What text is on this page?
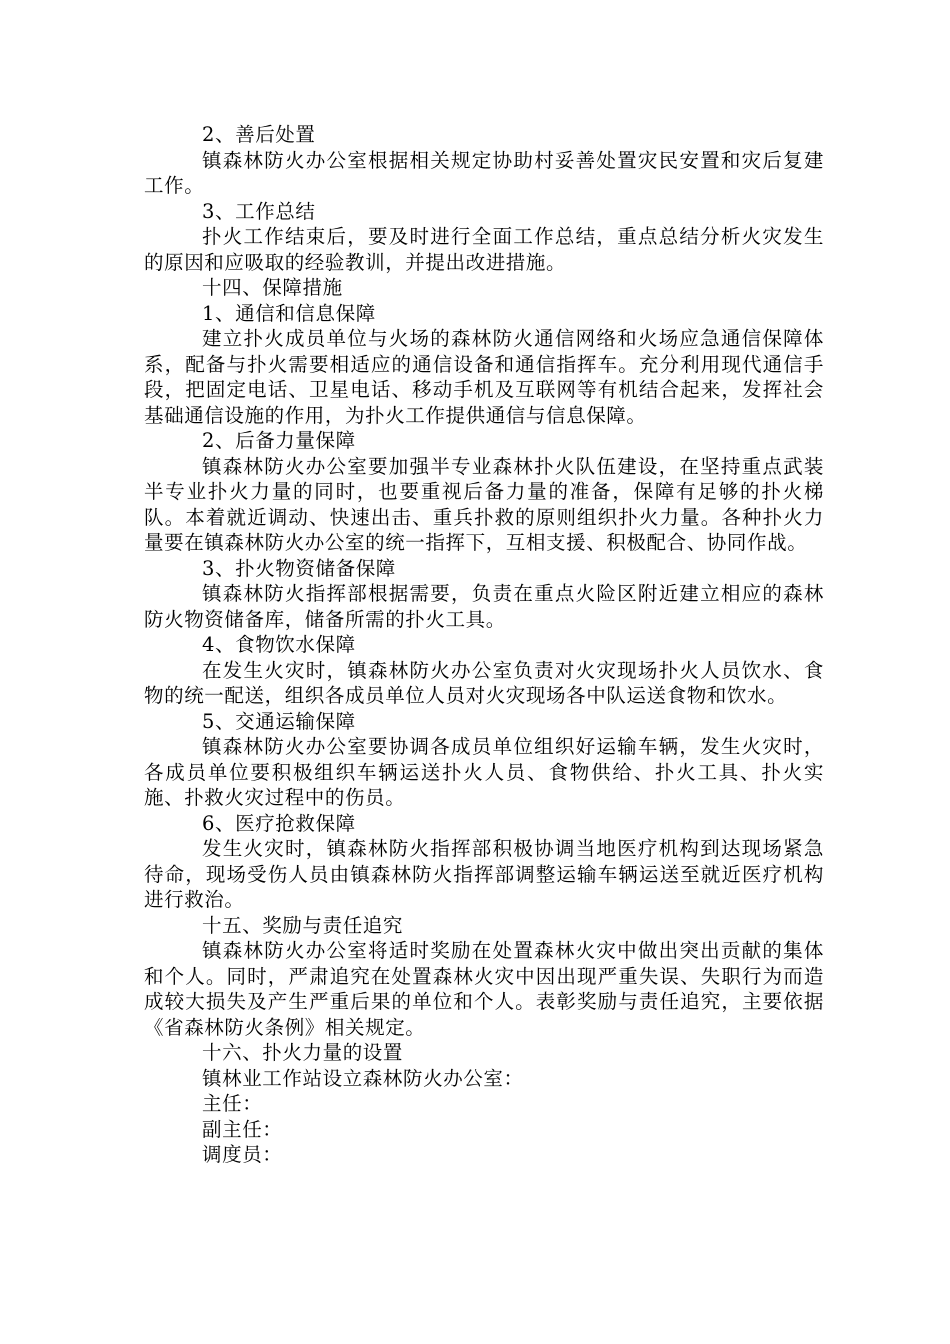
2、善后处置

镇森林防火办公室根据相关规定协助村妥善处置灾民安置和灾后复建工作。

3、工作总结

扑火工作结束后，要及时进行全面工作总结，重点总结分析火灾发生的原因和应吸取的经验教训，并提出改进措施。

十四、保障措施

1、通信和信息保障

建立扑火成员单位与火场的森林防火通信网络和火场应急通信保障体系，配备与扑火需要相适应的通信设备和通信指挥车。充分利用现代通信手段，把固定电话、卫星电话、移动手机及互联网等有机结合起来，发挥社会基础通信设施的作用，为扑火工作提供通信与信息保障。

2、后备力量保障

镇森林防火办公室要加强半专业森林扑火队伍建设，在坚持重点武装半专业扑火力量的同时，也要重视后备力量的准备，保障有足够的扑火梯队。本着就近调动、快速出击、重兵扑救的原则组织扑火力量。各种扑火力量要在镇森林防火办公室的统一指挥下，互相支援、积极配合、协同作战。

3、扑火物资储备保障

镇森林防火指挥部根据需要，负责在重点火险区附近建立相应的森林防火物资储备库，储备所需的扑火工具。

4、食物饮水保障

在发生火灾时，镇森林防火办公室负责对火灾现场扑火人员饮水、食物的统一配送，组织各成员单位人员对火灾现场各中队运送食物和饮水。

5、交通运输保障

镇森林防火办公室要协调各成员单位组织好运输车辆，发生火灾时，各成员单位要积极组织车辆运送扑火人员、食物供给、扑火工具、扑火实施、扑救火灾过程中的伤员。

6、医疗抢救保障

发生火灾时，镇森林防火指挥部积极协调当地医疗机构到达现场紧急待命，现场受伤人员由镇森林防火指挥部调整运输车辆运送至就近医疗机构进行救治。

十五、奖励与责任追究

镇森林防火办公室将适时奖励在处置森林火灾中做出突出贡献的集体和个人。同时，严肃追究在处置森林火灾中因出现严重失误、失职行为而造成较大损失及产生严重后果的单位和个人。表彰奖励与责任追究，主要依据《省森林防火条例》相关规定。

十六、扑火力量的设置

镇林业工作站设立森林防火办公室：

主任：

副主任：

调度员：
